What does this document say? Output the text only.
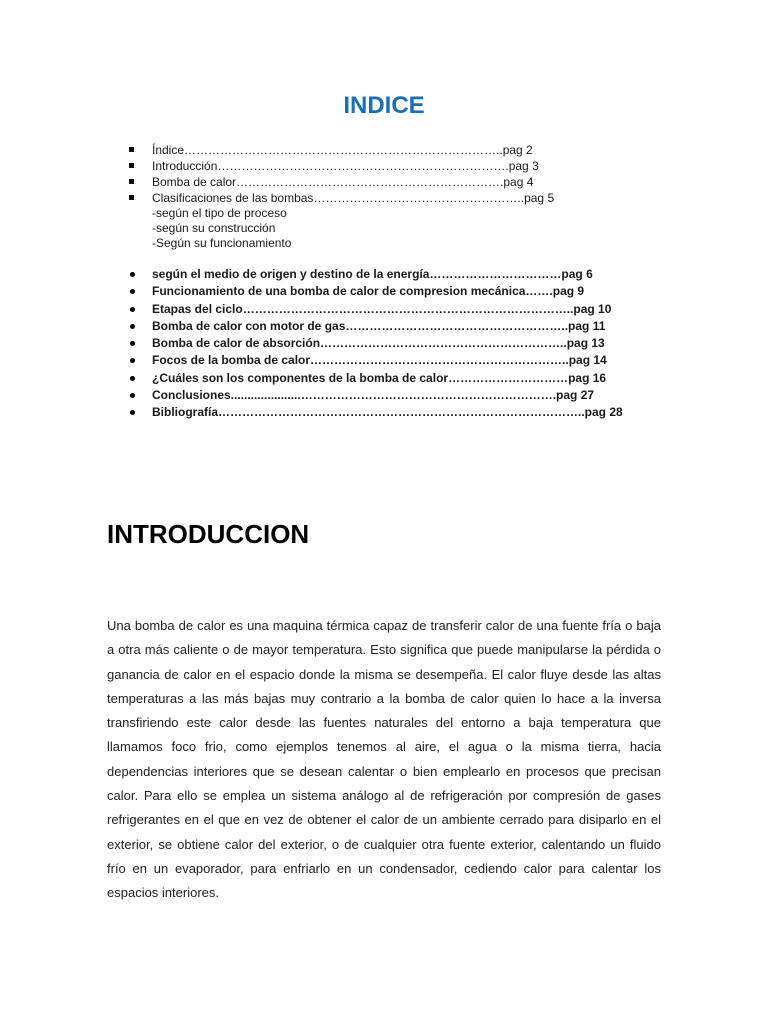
INDICE
Índice……………………………………………………………………..pag 2
Introducción……………………………………………………………….pag 3
Bomba de calor………………………………………………………….pag 4
Clasificaciones de las bombas……………………………………………..pag 5
-según el tipo de proceso
-según su construcción
-Según su funcionamiento
según el medio de origen y destino de la energía……………………………pag 6
Funcionamiento de una bomba de calor de compresion mecánica…….pag 9
Etapas del ciclo………………………………………………………………………..pag 10
Bomba de calor con motor de gas………………………………………………..pag 11
Bomba de calor de absorción……………………………………………………..pag 13
Focos de la bomba de calor………………………………………………………..pag 14
¿Cuáles son los componentes de la bomba de calor…………………………pag 16
Conclusiones.....................……………………………………………………….pag 27
Bibliografía………………………………………………………………………………..pag 28
INTRODUCCION
Una bomba de calor es una maquina térmica capaz de transferir calor de una fuente fría o baja a otra más caliente o de mayor temperatura. Esto significa que puede manipularse la pérdida o ganancia de calor en el espacio donde la misma se desempeña. El calor fluye desde las altas temperaturas a las más bajas muy contrario a la bomba de calor quien lo hace a la inversa transfiriendo este calor desde las fuentes naturales del entorno a baja temperatura que llamamos foco frio, como ejemplos tenemos al aire, el agua o la misma tierra, hacia dependencias interiores que se desean calentar o bien emplearlo en procesos que precisan calor. Para ello se emplea un sistema análogo al de refrigeración por compresión de gases refrigerantes en el que en vez de obtener el calor de un ambiente cerrado para disiparlo en el exterior, se obtiene calor del exterior, o de cualquier otra fuente exterior, calentando un fluido frío en un evaporador, para enfriarlo en un condensador, cediendo calor para calentar los espacios interiores.
